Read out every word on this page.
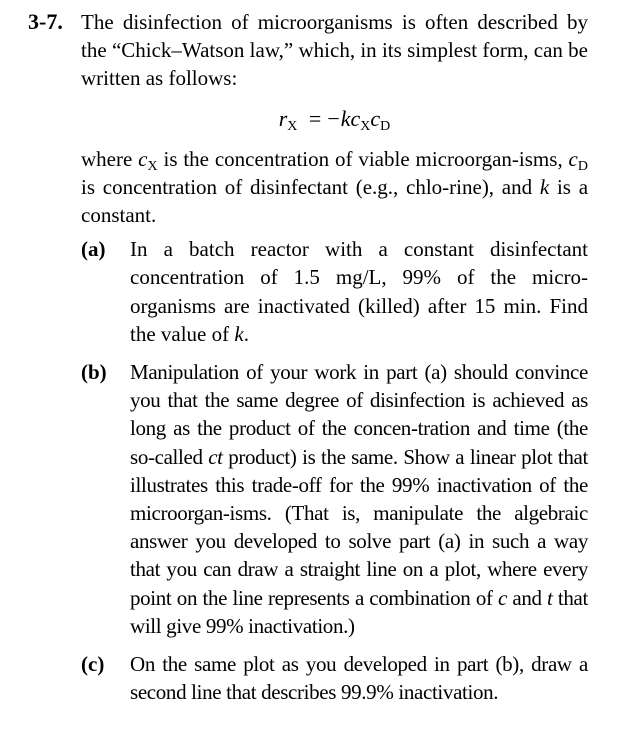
3-7. The disinfection of microorganisms is often described by the “Chick–Watson law,” which, in its simplest form, can be written as follows:
$r_X = -kc_Xc_D$
where $c_X$ is the concentration of viable microorgan-isms, $c_D$ is concentration of disinfectant (e.g., chlo-rine), and k is a constant.
(a) In a batch reactor with a constant disinfectant concentration of 1.5 mg/L, 99% of the micro-organisms are inactivated (killed) after 15 min. Find the value of k.
(b) Manipulation of your work in part (a) should convince you that the same degree of disinfection is achieved as long as the product of the concen-tration and time (the so-called ct product) is the same. Show a linear plot that illustrates this trade-off for the 99% inactivation of the microorgan-isms. (That is, manipulate the algebraic answer you developed to solve part (a) in such a way that you can draw a straight line on a plot, where every point on the line represents a combination of c and t that will give 99% inactivation.)
(c) On the same plot as you developed in part (b), draw a second line that describes 99.9% inactivation.
